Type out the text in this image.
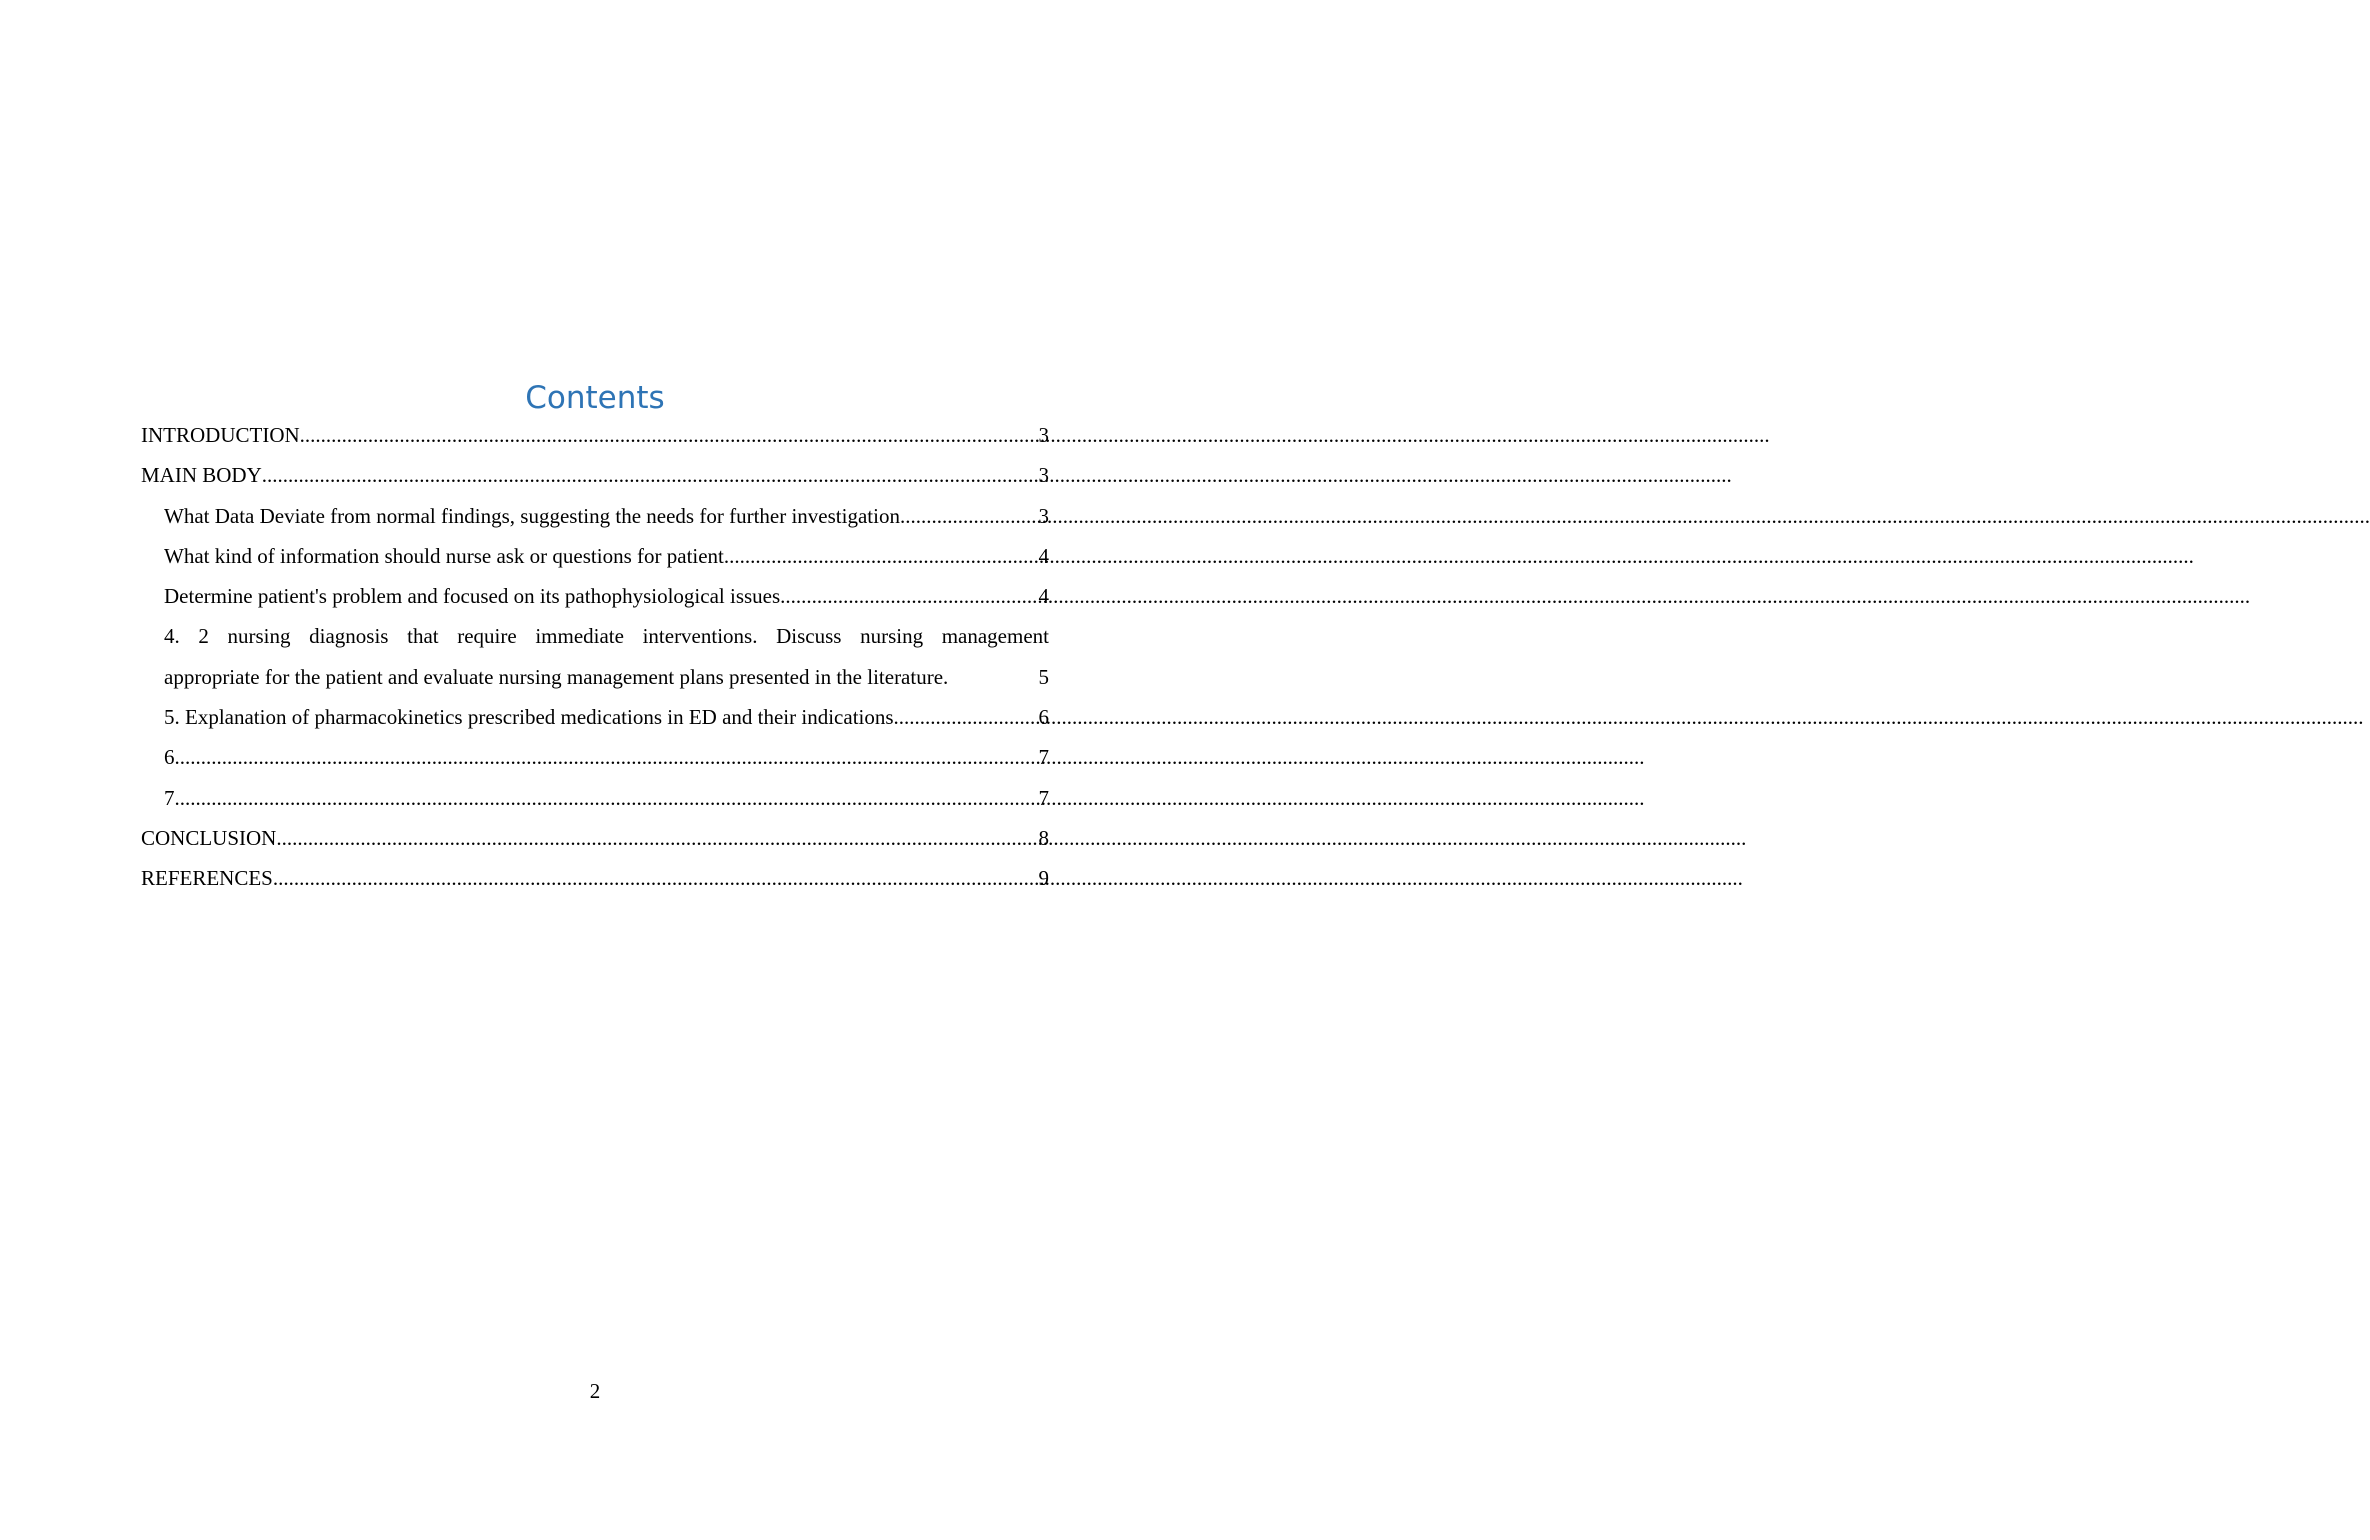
Contents
INTRODUCTION .....	3
MAIN BODY .....	3
What Data Deviate from normal findings, suggesting the needs for further investigation .....	3
What kind of information should nurse ask or questions for patient .....	4
Determine patient's problem and focused on its pathophysiological issues .....	4
4. 2 nursing diagnosis that require immediate interventions. Discuss nursing management
appropriate for the patient and evaluate nursing management plans presented in the literature.	5
5. Explanation of pharmacokinetics prescribed medications in ED and their indications .....	6
6 .....	7
7 .....	7
CONCLUSION .....	8
REFERENCES .....	9
2
